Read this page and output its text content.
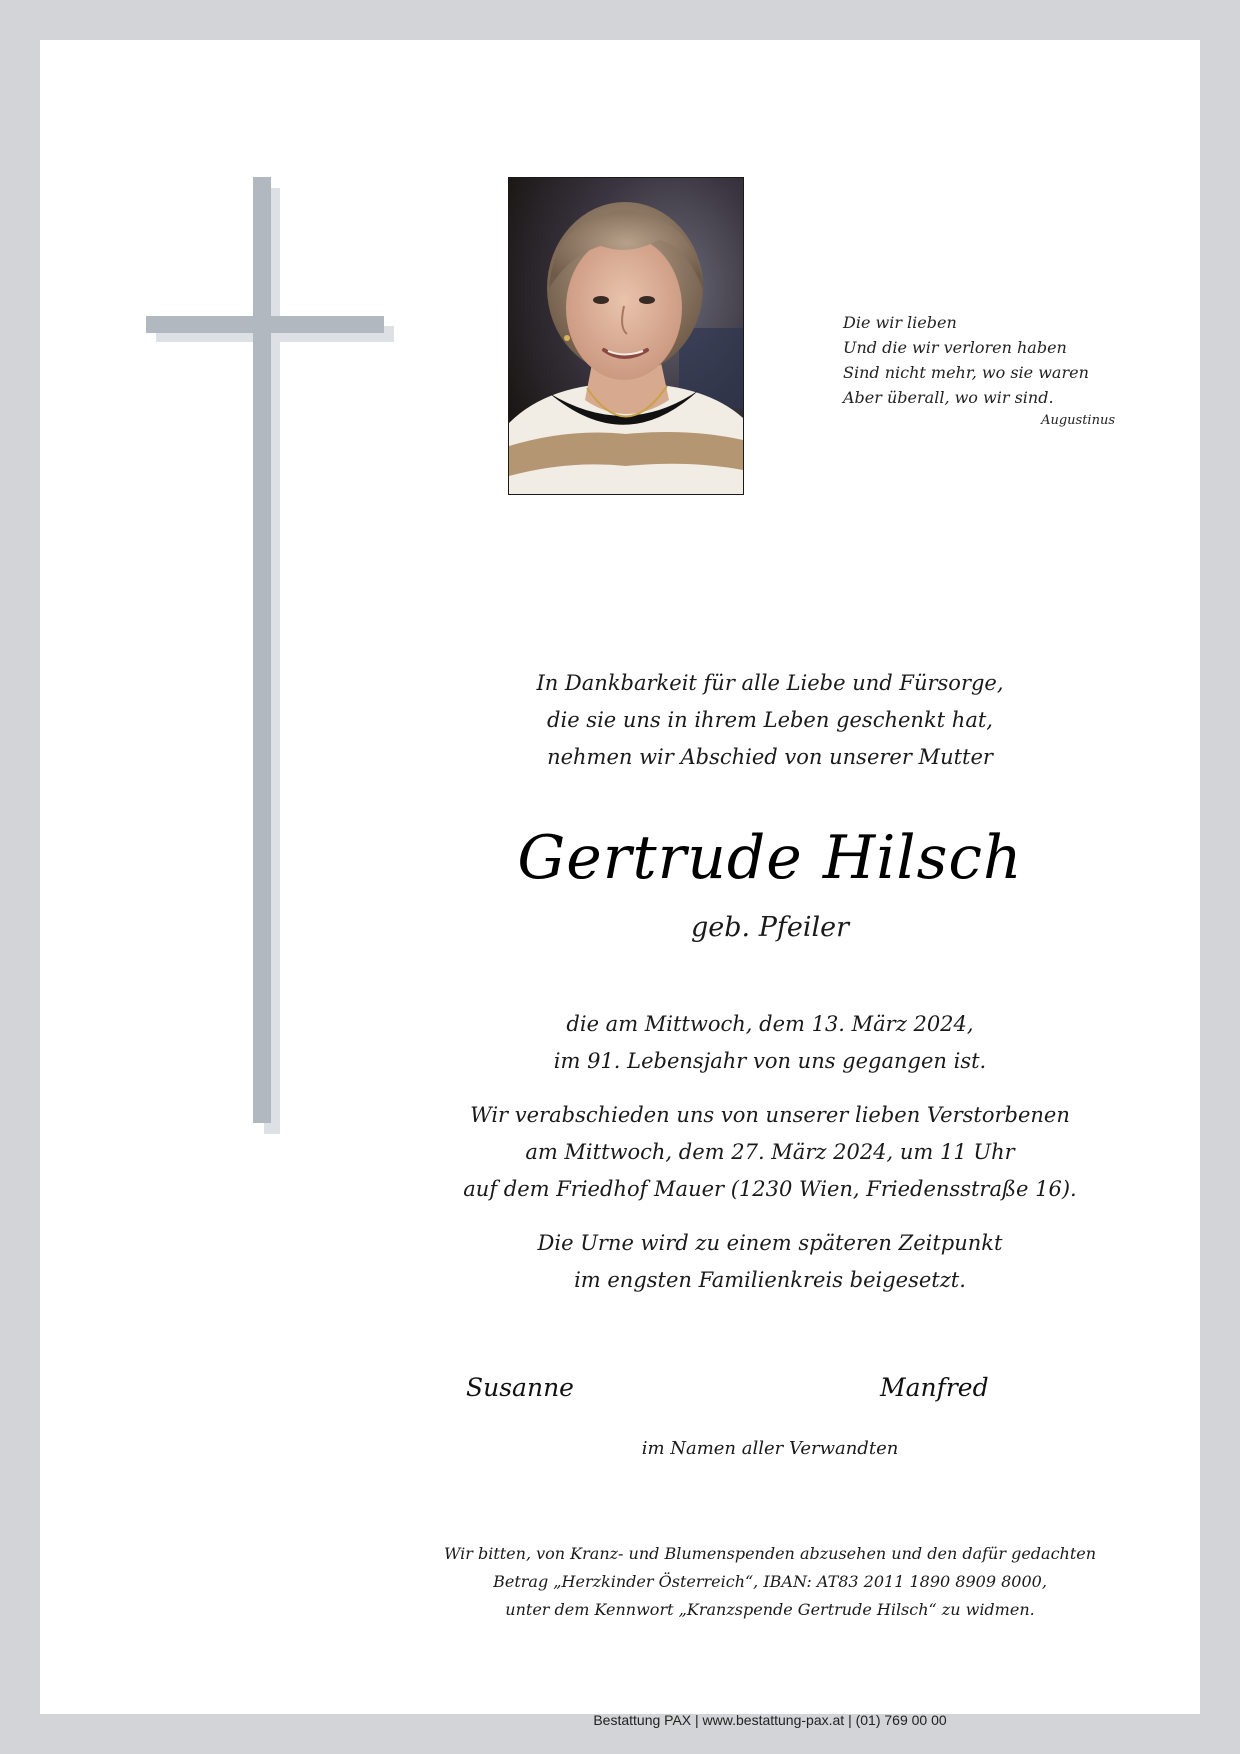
Die wir lieben
Und die wir verloren haben
Sind nicht mehr, wo sie waren
Aber überall, wo wir sind.
Augustinus
In Dankbarkeit für alle Liebe und Fürsorge,
die sie uns in ihrem Leben geschenkt hat,
nehmen wir Abschied von unserer Mutter
Gertrude Hilsch
geb. Pfeiler
die am Mittwoch, dem 13. März 2024,
im 91. Lebensjahr von uns gegangen ist.
Wir verabschieden uns von unserer lieben Verstorbenen
am Mittwoch, dem 27. März 2024, um 11 Uhr
auf dem Friedhof Mauer (1230 Wien, Friedensstraße 16).
Die Urne wird zu einem späteren Zeitpunkt
im engsten Familienkreis beigesetzt.
Susanne	Manfred
im Namen aller Verwandten
Wir bitten, von Kranz- und Blumenspenden abzusehen und den dafür gedachten
Betrag „Herzkinder Österreich“, IBAN: AT83 2011 1890 8909 8000,
unter dem Kennwort „Kranzspende Gertrude Hilsch“ zu widmen.
Bestattung PAX | www.bestattung-pax.at | (01) 769 00 00
